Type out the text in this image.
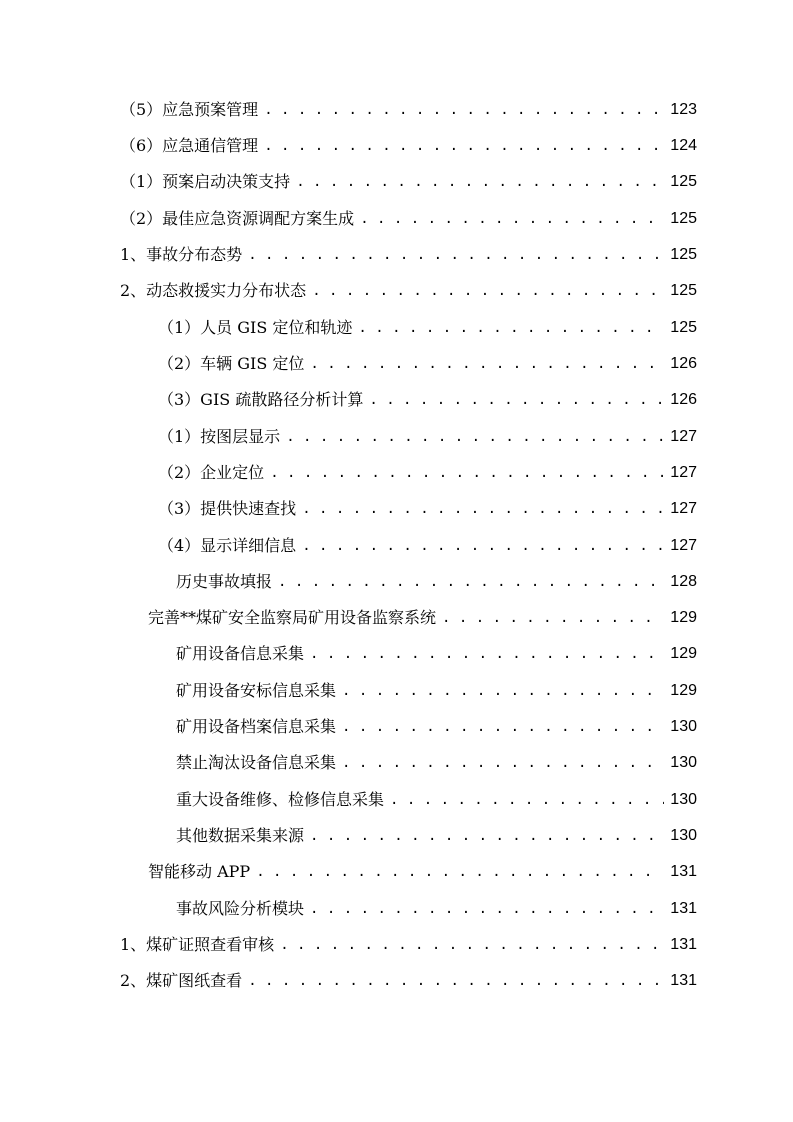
（5）应急预案管理 . . .	123
（6）应急通信管理 . . .	124
（1）预案启动决策支持 . . .	125
（2）最佳应急资源调配方案生成 . . .	125
1、事故分布态势 . . .	125
2、动态救援实力分布状态 . . .	125
（1）人员 GIS 定位和轨迹 . . .	125
（2）车辆 GIS 定位 . . .	126
（3）GIS 疏散路径分析计算 . . .	126
（1）按图层显示 . . .	127
（2）企业定位 . . .	127
（3）提供快速查找 . . .	127
（4）显示详细信息 . . .	127
历史事故填报 . . .	128
完善**煤矿安全监察局矿用设备监察系统 . . .	129
矿用设备信息采集 . . .	129
矿用设备安标信息采集 . . .	129
矿用设备档案信息采集 . . .	130
禁止淘汰设备信息采集 . . .	130
重大设备维修、检修信息采集 . . .	130
其他数据采集来源 . . .	130
智能移动 APP . . .	131
事故风险分析模块 . . .	131
1、煤矿证照查看审核 . . .	131
2、煤矿图纸查看 . . .	131
